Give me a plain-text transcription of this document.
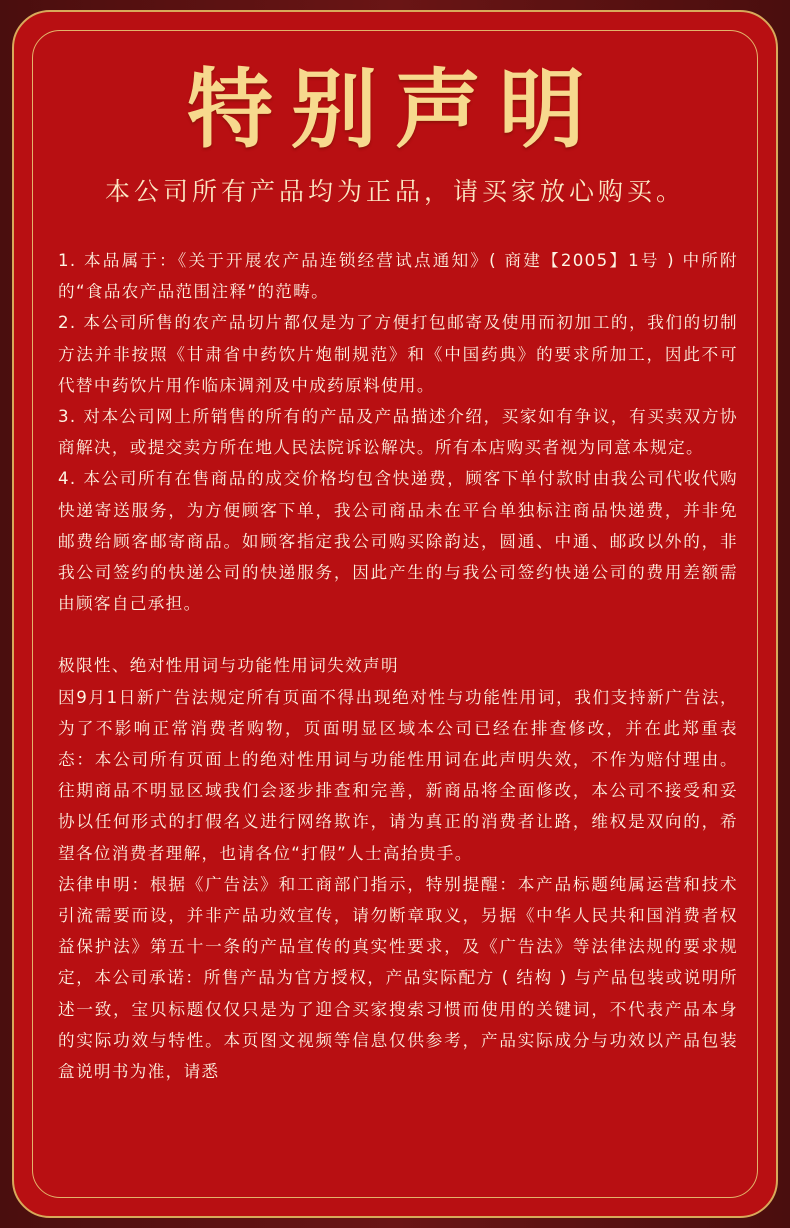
特别声明
本公司所有产品均为正品，请买家放心购买。

1. 本品属于：《关于开展农产品连锁经营试点通知》( 商建【2005】1号 ) 中所附的“食品农产品范围注释”的范畴。

2. 本公司所售的农产品切片都仅是为了方便打包邮寄及使用而初加工的，我们的切制方法并非按照《甘肃省中药饮片炮制规范》和《中国药典》的要求所加工，因此不可代替中药饮片用作临床调剂及中成药原料使用。

3. 对本公司网上所销售的所有的产品及产品描述介绍，买家如有争议，有买卖双方协商解决，或提交卖方所在地人民法院诉讼解决。所有本店购买者视为同意本规定。

4. 本公司所有在售商品的成交价格均包含快递费，顾客下单付款时由我公司代收代购快递寄送服务，为方便顾客下单，我公司商品未在平台单独标注商品快递费，并非免邮费给顾客邮寄商品。如顾客指定我公司购买除韵达，圆通、中通、邮政以外的，非我公司签约的快递公司的快递服务，因此产生的与我公司签约快递公司的费用差额需由顾客自己承担。

极限性、绝对性用词与功能性用词失效声明

因9月1日新广告法规定所有页面不得出现绝对性与功能性用词，我们支持新广告法，为了不影响正常消费者购物，页面明显区域本公司已经在排查修改，并在此郑重表态：本公司所有页面上的绝对性用词与功能性用词在此声明失效，不作为赔付理由。往期商品不明显区域我们会逐步排查和完善，新商品将全面修改，本公司不接受和妥协以任何形式的打假名义进行网络欺诈，请为真正的消费者让路，维权是双向的，希望各位消费者理解，也请各位“打假”人士高抬贵手。

法律申明：根据《广告法》和工商部门指示，特别提醒：本产品标题纯属运营和技术引流需要而设，并非产品功效宣传，请勿断章取义，另据《中华人民共和国消费者权益保护法》第五十一条的产品宣传的真实性要求，及《广告法》等法律法规的要求规定，本公司承诺：所售产品为官方授权，产品实际配方 ( 结构 ) 与产品包装或说明所述一致，宝贝标题仅仅只是为了迎合买家搜索习惯而使用的关键词，不代表产品本身的实际功效与特性。本页图文视频等信息仅供参考，产品实际成分与功效以产品包装盒说明书为准，请悉
